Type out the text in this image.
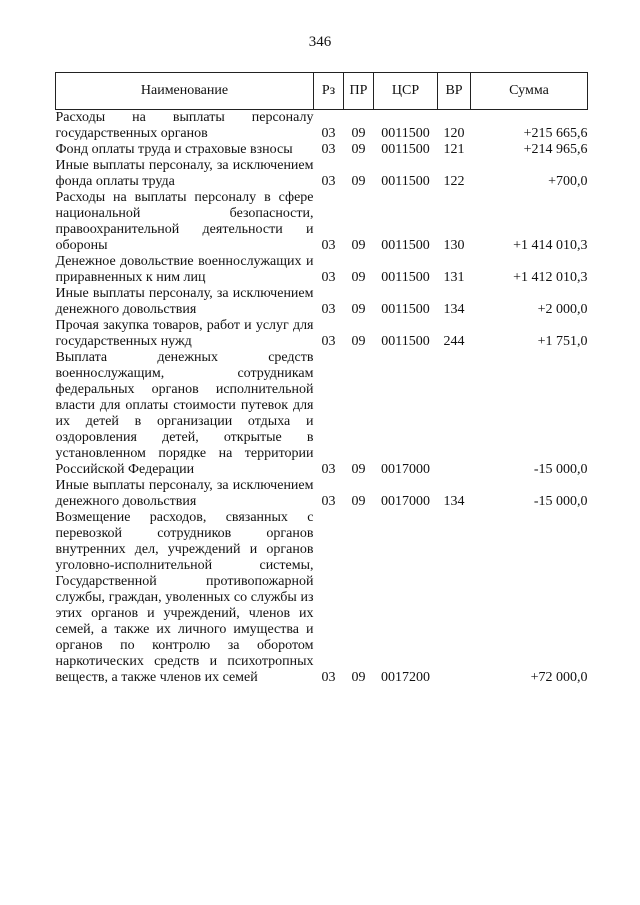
346
Наименование	Рз	ПР	ЦСР	ВР	Сумма
Расходы на выплаты персоналу государственных органов	03	09	0011500	120	+215 665,6
Фонд оплаты труда и страховые взносы	03	09	0011500	121	+214 965,6
Иные выплаты персоналу, за исключением фонда оплаты труда	03	09	0011500	122	+700,0
Расходы на выплаты персоналу в сфере национальной безопасности, правоохранительной деятельности и обороны	03	09	0011500	130	+1 414 010,3
Денежное довольствие военнослужащих и приравненных к ним лиц	03	09	0011500	131	+1 412 010,3
Иные выплаты персоналу, за исключением денежного довольствия	03	09	0011500	134	+2 000,0
Прочая закупка товаров, работ и услуг для государственных нужд	03	09	0011500	244	+1 751,0
Выплата денежных средств военнослужащим, сотрудникам федеральных органов исполнительной власти для оплаты стоимости путевок для их детей в организации отдыха и оздоровления детей, открытые в установленном порядке на территории Российской Федерации	03	09	0017000		-15 000,0
Иные выплаты персоналу, за исключением денежного довольствия	03	09	0017000	134	-15 000,0
Возмещение расходов, связанных с перевозкой сотрудников органов внутренних дел, учреждений и органов уголовно-исполнительной системы, Государственной противопожарной службы, граждан, уволенных со службы из этих органов и учреждений, членов их семей, а также их личного имущества и органов по контролю за оборотом наркотических средств и психотропных веществ, а также членов их семей	03	09	0017200		+72 000,0
